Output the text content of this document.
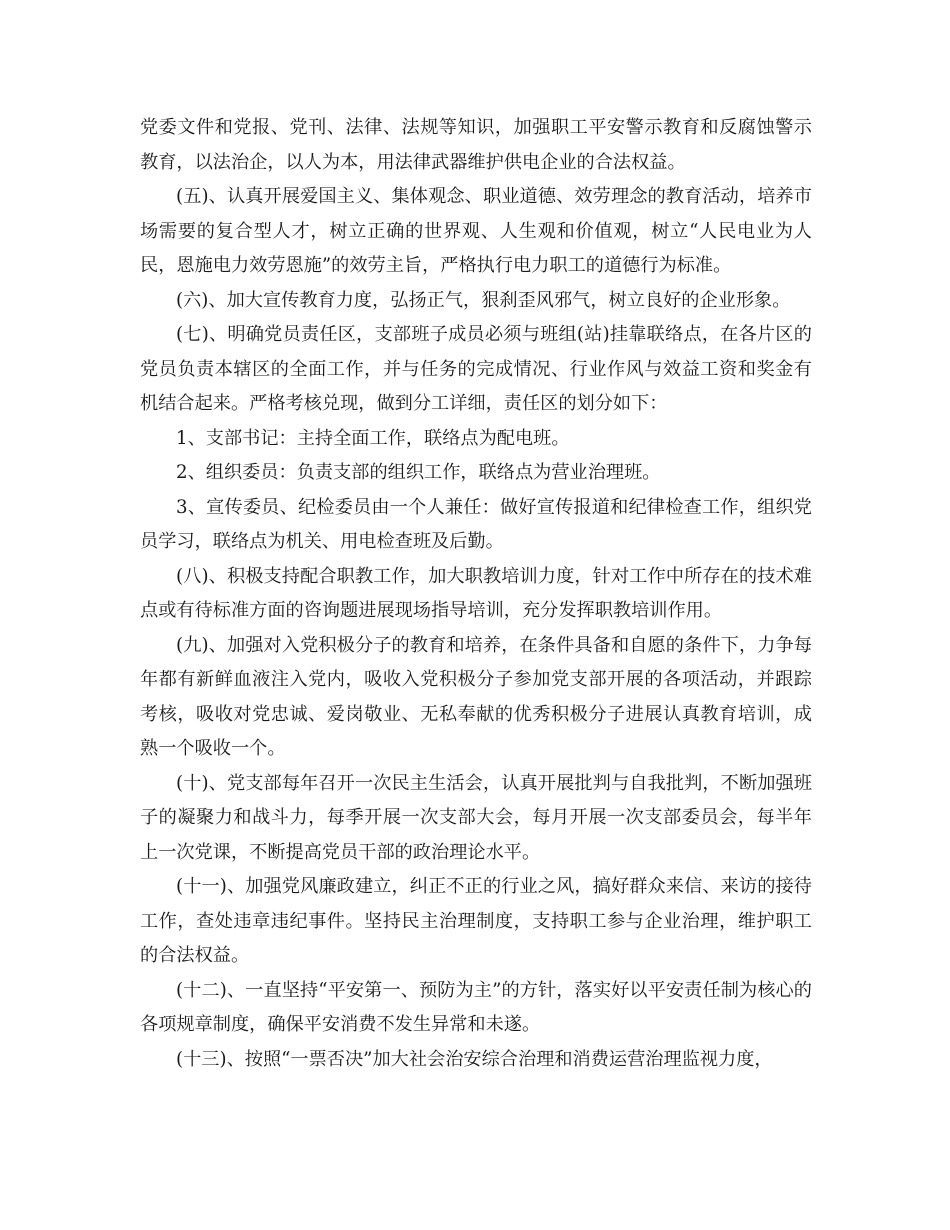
党委文件和党报、党刊、法律、法规等知识，加强职工平安警示教育和反腐蚀警示教育，以法治企，以人为本，用法律武器维护供电企业的合法权益。

(五)、认真开展爱国主义、集体观念、职业道德、效劳理念的教育活动，培养市场需要的复合型人才，树立正确的世界观、人生观和价值观，树立“人民电业为人民，恩施电力效劳恩施”的效劳主旨，严格执行电力职工的道德行为标准。

(六)、加大宣传教育力度，弘扬正气，狠刹歪风邪气，树立良好的企业形象。

(七)、明确党员责任区，支部班子成员必须与班组(站)挂靠联络点，在各片区的党员负责本辖区的全面工作，并与任务的完成情况、行业作风与效益工资和奖金有机结合起来。严格考核兑现，做到分工详细，责任区的划分如下：

1、支部书记：主持全面工作，联络点为配电班。

2、组织委员：负责支部的组织工作，联络点为营业治理班。

3、宣传委员、纪检委员由一个人兼任：做好宣传报道和纪律检查工作，组织党员学习，联络点为机关、用电检查班及后勤。

(八)、积极支持配合职教工作，加大职教培训力度，针对工作中所存在的技术难点或有待标准方面的咨询题进展现场指导培训，充分发挥职教培训作用。

(九)、加强对入党积极分子的教育和培养，在条件具备和自愿的条件下，力争每年都有新鲜血液注入党内，吸收入党积极分子参加党支部开展的各项活动，并跟踪考核，吸收对党忠诚、爱岗敬业、无私奉献的优秀积极分子进展认真教育培训，成熟一个吸收一个。

(十)、党支部每年召开一次民主生活会，认真开展批判与自我批判，不断加强班子的凝聚力和战斗力，每季开展一次支部大会，每月开展一次支部委员会，每半年上一次党课，不断提高党员干部的政治理论水平。

(十一)、加强党风廉政建立，纠正不正的行业之风，搞好群众来信、来访的接待工作，查处违章违纪事件。坚持民主治理制度，支持职工参与企业治理，维护职工的合法权益。

(十二)、一直坚持“平安第一、预防为主”的方针，落实好以平安责任制为核心的各项规章制度，确保平安消费不发生异常和未遂。

(十三)、按照“一票否决”加大社会治安综合治理和消费运营治理监视力度，
